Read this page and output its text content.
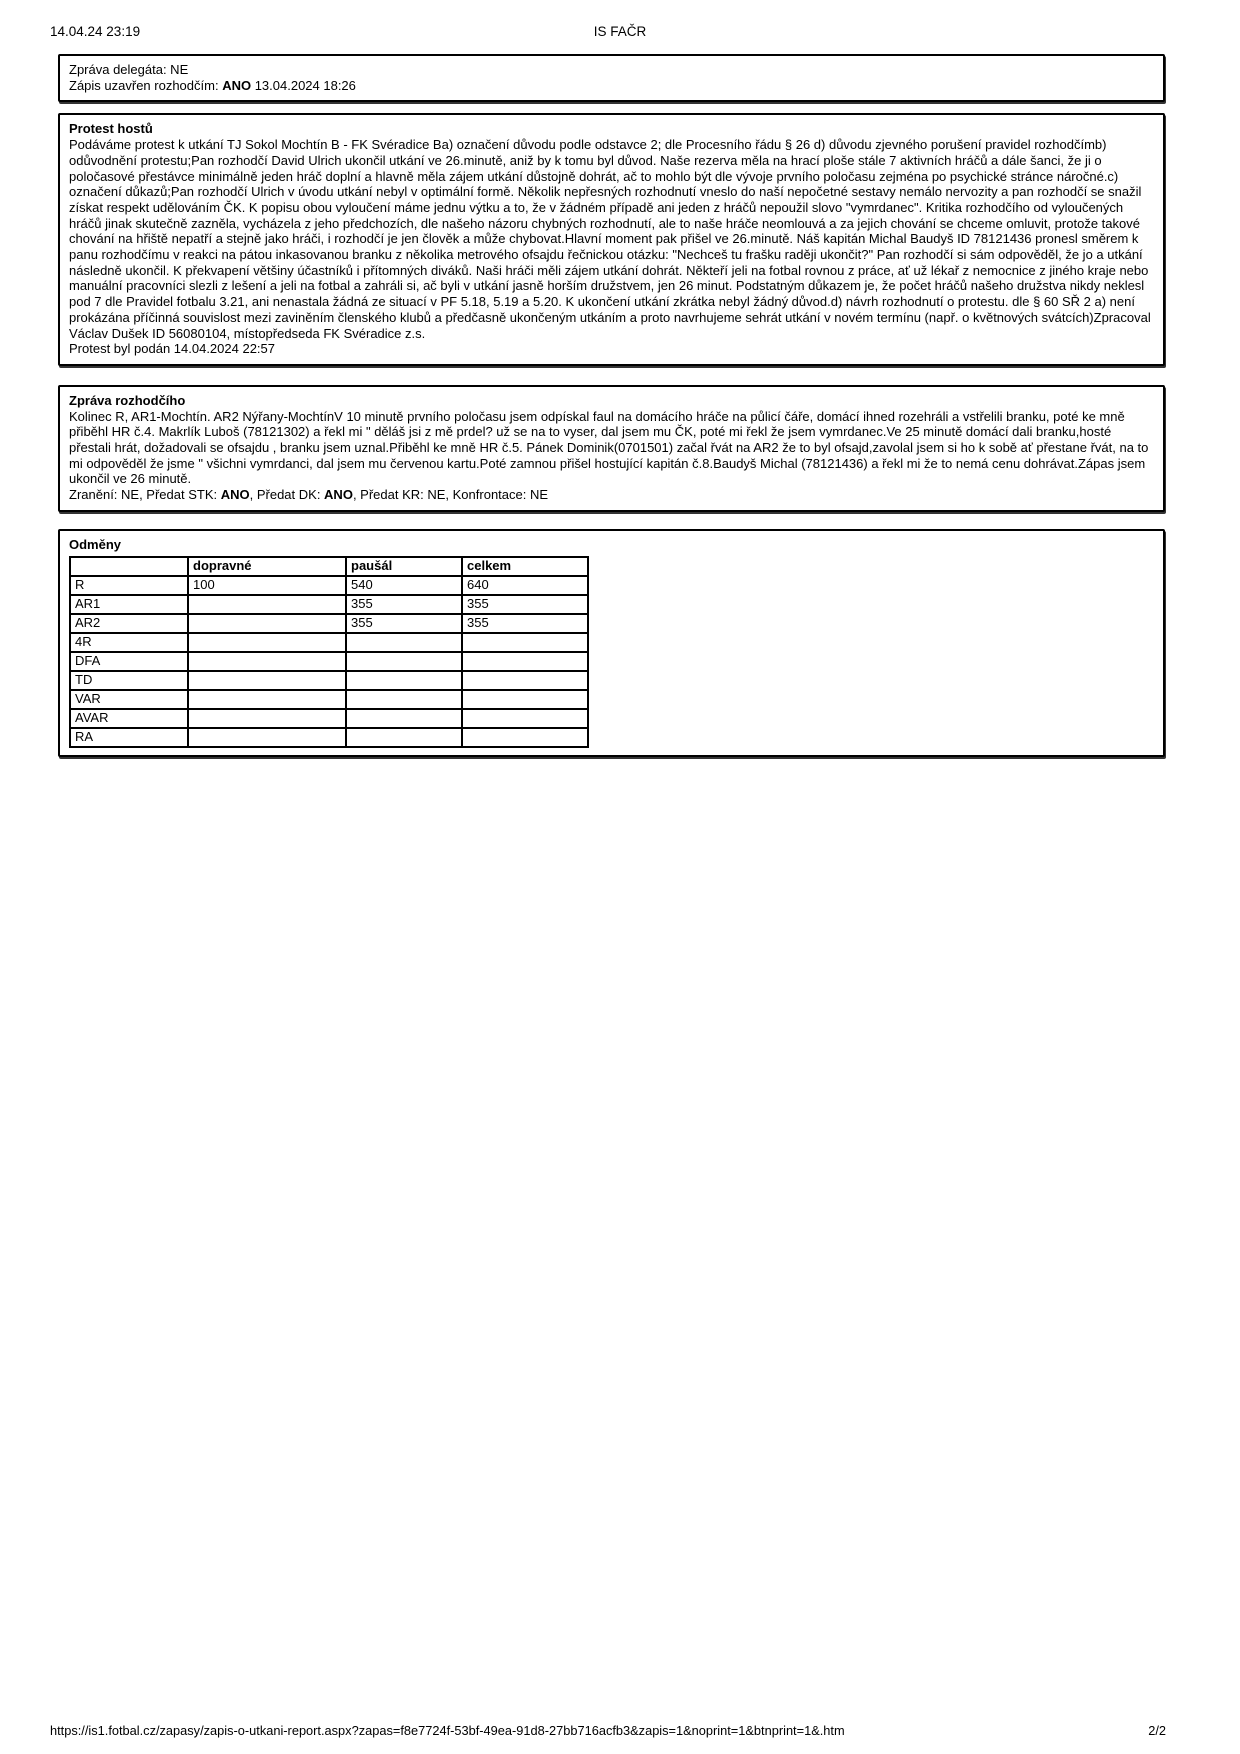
14.04.24 23:19	IS FAČR

Zpráva delegáta: NE

Zápis uzavřen rozhodčím: ANO 13.04.2024 18:26

Protest hostů

Podáváme protest k utkání TJ Sokol Mochtín B - FK Svéradice Ba) označení důvodu podle odstavce 2; dle Procesního řádu § 26 d) důvodu zjevného porušení pravidel rozhodčímb) odůvodnění protestu;Pan rozhodčí David Ulrich ukončil utkání ve 26.minutě, aniž by k tomu byl důvod. Naše rezerva měla na hrací ploše stále 7 aktivních hráčů a dále šanci, že ji o poločasové přestávce minimálně jeden hráč doplní a hlavně měla zájem utkání důstojně dohrát, ač to mohlo být dle vývoje prvního poločasu zejména po psychické stránce náročné.c) označení důkazů;Pan rozhodčí Ulrich v úvodu utkání nebyl v optimální formě. Několik nepřesných rozhodnutí vneslo do naší nepočetné sestavy nemálo nervozity a pan rozhodčí se snažil získat respekt udělováním ČK. K popisu obou vyloučení máme jednu výtku a to, že v žádném případě ani jeden z hráčů nepoužil slovo "vymrdanec". Kritika rozhodčího od vyloučených hráčů jinak skutečně zazněla, vycházela z jeho předchozích, dle našeho názoru chybných rozhodnutí, ale to naše hráče neomlouvá a za jejich chování se chceme omluvit, protože takové chování na hřiště nepatří a stejně jako hráči, i rozhodčí je jen člověk a může chybovat.Hlavní moment pak přišel ve 26.minutě. Náš kapitán Michal Baudyš ID 78121436 pronesl směrem k panu rozhodčímu v reakci na pátou inkasovanou branku z několika metrového ofsajdu řečnickou otázku: "Nechceš tu frašku raději ukončit?" Pan rozhodčí si sám odpověděl, že jo a utkání následně ukončil. K překvapení většiny účastníků i přítomných diváků. Naši hráči měli zájem utkání dohrát. Někteří jeli na fotbal rovnou z práce, ať už lékař z nemocnice z jiného kraje nebo manuální pracovníci slezli z lešení a jeli na fotbal a zahráli si, ač byli v utkání jasně horším družstvem, jen 26 minut. Podstatným důkazem je, že počet hráčů našeho družstva nikdy neklesl pod 7 dle Pravidel fotbalu 3.21, ani nenastala žádná ze situací v PF 5.18, 5.19 a 5.20. K ukončení utkání zkrátka nebyl žádný důvod.d) návrh rozhodnutí o protestu. dle § 60 SŘ 2 a) není prokázána příčinná souvislost mezi zaviněním členského klubů a předčasně ukončeným utkáním a proto navrhujeme sehrát utkání v novém termínu (např. o květnových svátcích)Zpracoval Václav Dušek ID 56080104, místopředseda FK Svéradice z.s.

Protest byl podán 14.04.2024 22:57

Zpráva rozhodčího

Kolinec R, AR1-Mochtín. AR2 Nýřany-MochtínV 10 minutě prvního poločasu jsem odpískal faul na domácího hráče na půlicí čáře, domácí ihned rozehráli a vstřelili branku, poté ke mně přiběhl HR č.4. Makrlík Luboš (78121302) a řekl mi " děláš jsi z mě prdel? už se na to vyser, dal jsem mu ČK, poté mi řekl že jsem vymrdanec.Ve 25 minutě domácí dali branku,hosté přestali hrát, dožadovali se ofsajdu , branku jsem uznal.Přiběhl ke mně HR č.5. Pánek Dominik(0701501) začal řvát na AR2 že to byl ofsajd,zavolal jsem si ho k sobě ať přestane řvát, na to mi odpověděl že jsme " všichni vymrdanci, dal jsem mu červenou kartu.Poté zamnou přišel hostující kapitán č.8.Baudyš Michal (78121436) a řekl mi že to nemá cenu dohrávat.Zápas jsem ukončil ve 26 minutě.

Zranění: NE, Předat STK: ANO, Předat DK: ANO, Předat KR: NE, Konfrontace: NE

Odměny

	dopravné	paušál	celkem
R	100	540	640
AR1		355	355
AR2		355	355
4R			
DFA			
TD			
VAR			
AVAR			
RA			
https://is1.fotbal.cz/zapasy/zapis-o-utkani-report.aspx?zapas=f8e7724f-53bf-49ea-91d8-27bb716acfb3&zapis=1&noprint=1&btnprint=1&.htm	2/2
